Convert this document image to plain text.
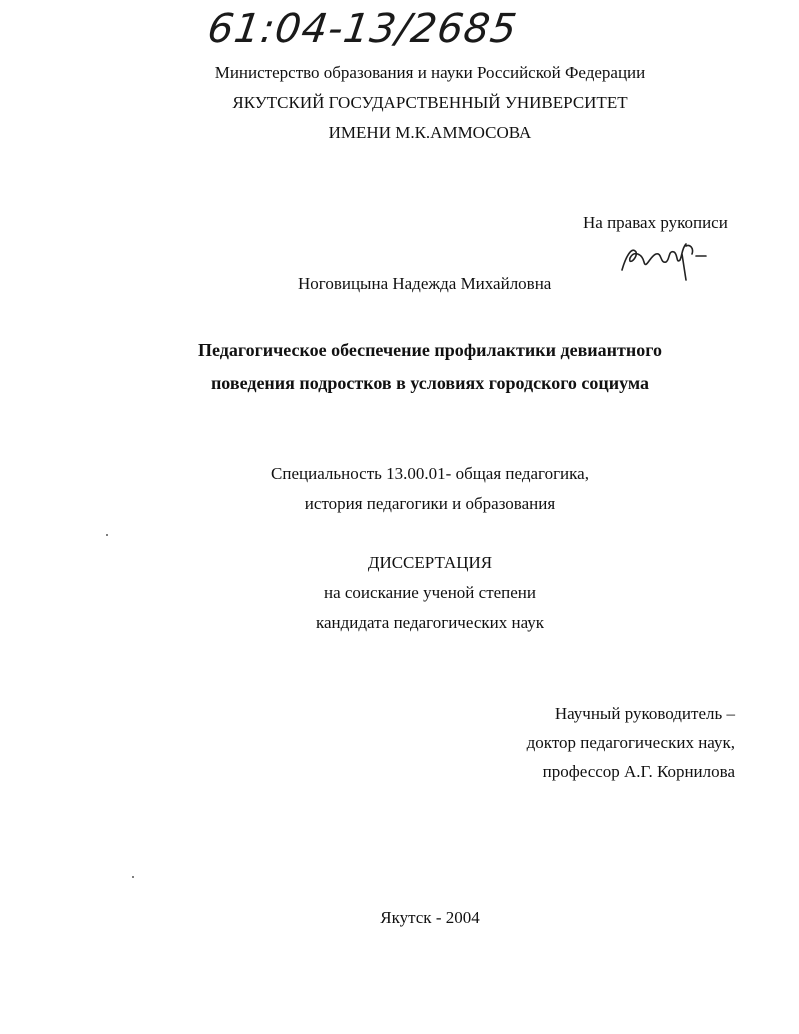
61:04-13/2685
Министерство образования и науки Российской Федерации
ЯКУТСКИЙ ГОСУДАРСТВЕННЫЙ УНИВЕРСИТЕТ
ИМЕНИ М.К.АММОСОВА
На правах рукописи
Ноговицына Надежда Михайловна
Педагогическое обеспечение профилактики девиантного
поведения подростков в условиях городского социума
Специальность 13.00.01- общая педагогика,
история педагогики и образования
ДИССЕРТАЦИЯ
на соискание ученой степени
кандидата педагогических наук
Научный руководитель –
доктор педагогических наук,
профессор А.Г. Корнилова
Якутск - 2004
